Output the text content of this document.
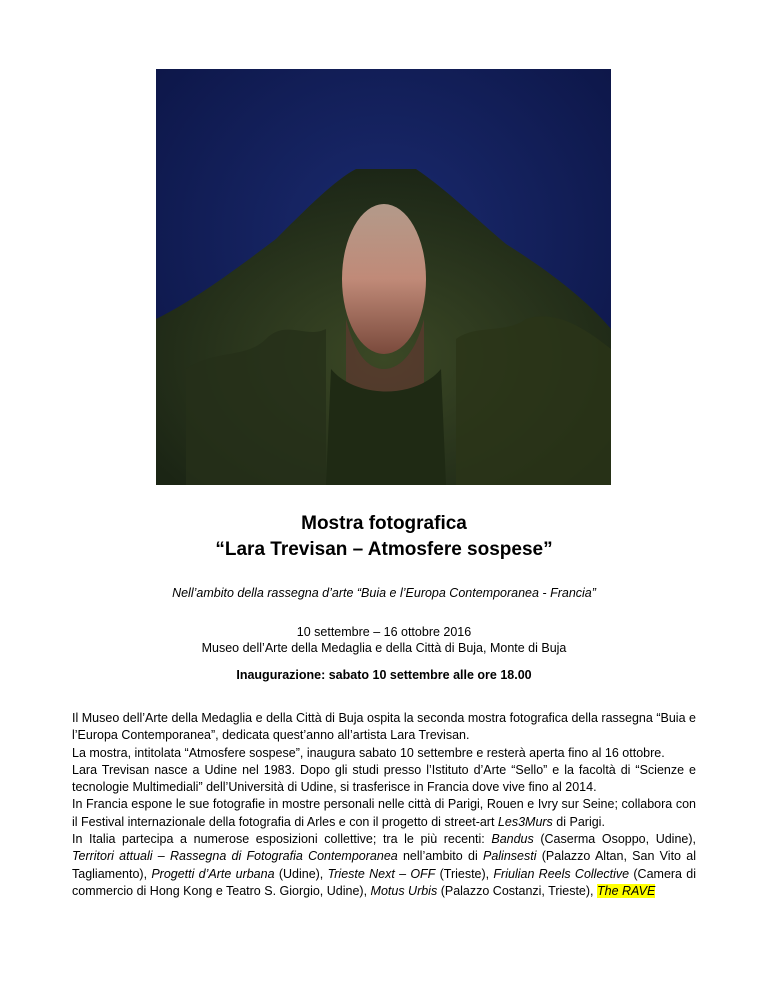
Mostra fotografica
“Lara Trevisan – Atmosfere sospese”
Nell’ambito della rassegna d’arte “Buia e l’Europa Contemporanea - Francia”
10 settembre – 16 ottobre 2016
Museo dell’Arte della Medaglia e della Città di Buja, Monte di Buja
Inaugurazione: sabato 10 settembre alle ore 18.00

Il Museo dell’Arte della Medaglia e della Città di Buja ospita la seconda mostra fotografica della rassegna “Buia e l’Europa Contemporanea”, dedicata quest’anno all’artista Lara Trevisan.

La mostra, intitolata “Atmosfere sospese”, inaugura sabato 10 settembre e resterà aperta fino al 16 ottobre.

Lara Trevisan nasce a Udine nel 1983. Dopo gli studi presso l’Istituto d’Arte “Sello” e la facoltà di “Scienze e tecnologie Multimediali” dell’Università di Udine, si trasferisce in Francia dove vive fino al 2014.

In Francia espone le sue fotografie in mostre personali nelle città di Parigi, Rouen e Ivry sur Seine; collabora con il Festival internazionale della fotografia di Arles e con il progetto di street-art Les3Murs di Parigi.

In Italia partecipa a numerose esposizioni collettive; tra le più recenti: Bandus (Caserma Osoppo, Udine), Territori attuali – Rassegna di Fotografia Contemporanea nell’ambito di Palinsesti (Palazzo Altan, San Vito al Tagliamento), Progetti d’Arte urbana (Udine), Trieste Next – OFF (Trieste), Friulian Reels Collective (Camera di commercio di Hong Kong e Teatro S. Giorgio, Udine), Motus Urbis (Palazzo Costanzi, Trieste), The RAVE
